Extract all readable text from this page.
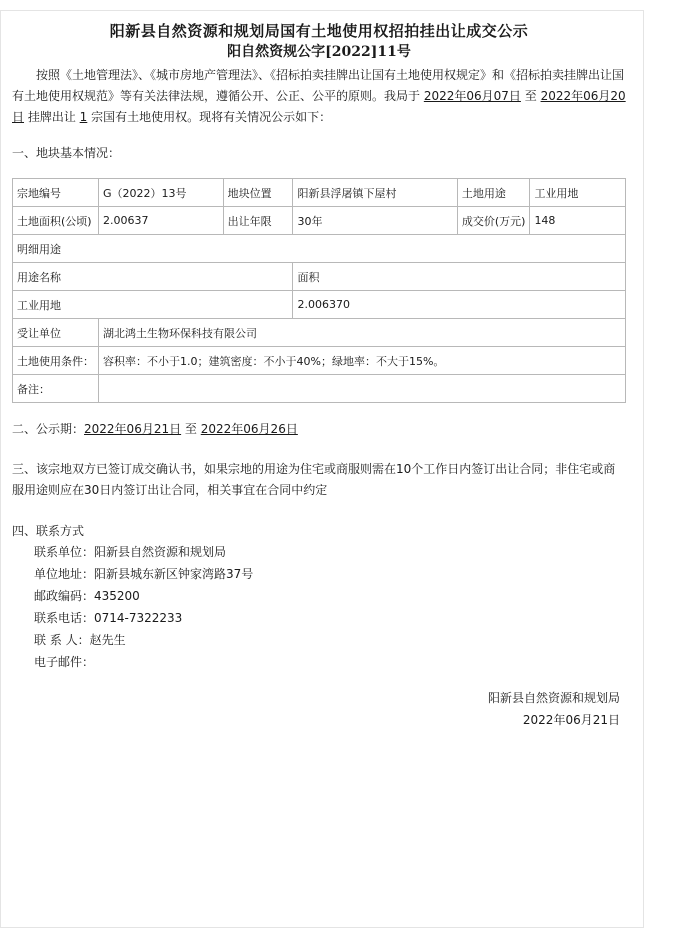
阳新县自然资源和规划局国有土地使用权招拍挂出让成交公示
阳自然资规公字[2022]11号

按照《土地管理法》、《城市房地产管理法》、《招标拍卖挂牌出让国有土地使用权规定》和《招标拍卖挂牌出让国有土地使用权规范》等有关法律法规，遵循公开、公正、公平的原则。我局于 2022年06月07日 至 2022年06月20日 挂牌出让 1 宗国有土地使用权。现将有关情况公示如下：

一、地块基本情况：
宗地编号	G（2022）13号	地块位置	阳新县浮屠镇下屋村	土地用途	工业用地
土地面积(公顷)	2.00637	出让年限	30年	成交价(万元)	148
明细用途					
用途名称			面积		
工业用地			2.006370		
受让单位	湖北鸿土生物环保科技有限公司				
土地使用条件：	容积率：不小于1.0；建筑密度：不小于40%；绿地率：不大于15%。				
备注：					
二、公示期：2022年06月21日 至 2022年06月26日
三、该宗地双方已签订成交确认书，如果宗地的用途为住宅或商服则需在10个工作日内签订出让合同；非住宅或商服用途则应在30日内签订出让合同，相关事宜在合同中约定
四、联系方式
联系单位：阳新县自然资源和规划局
单位地址：阳新县城东新区钟家湾路37号
邮政编码：435200
联系电话：0714-7322233
联 系 人：赵先生
电子邮件：
阳新县自然资源和规划局
2022年06月21日
